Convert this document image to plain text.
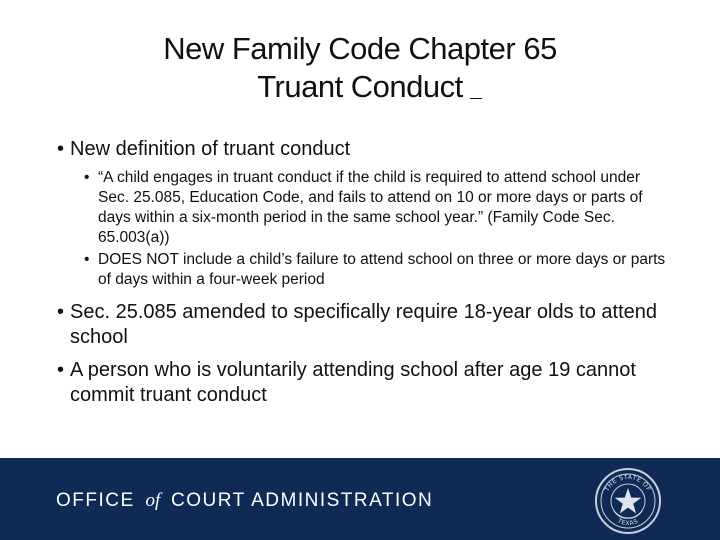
New Family Code Chapter 65
Truant Conduct
• New definition of truant conduct
• “A child engages in truant conduct if the child is required to attend school under Sec. 25.085, Education Code, and fails to attend on 10 or more days or parts of days within a six-month period in the same school year.” (Family Code Sec. 65.003(a))
• DOES NOT include a child’s failure to attend school on three or more days or parts of days within a four-week period
• Sec. 25.085 amended to specifically require 18-year olds to attend school
• A person who is voluntarily attending school after age 19 cannot commit truant conduct
OFFICE of COURT ADMINISTRATION
THE STATE OF
TEXAS
